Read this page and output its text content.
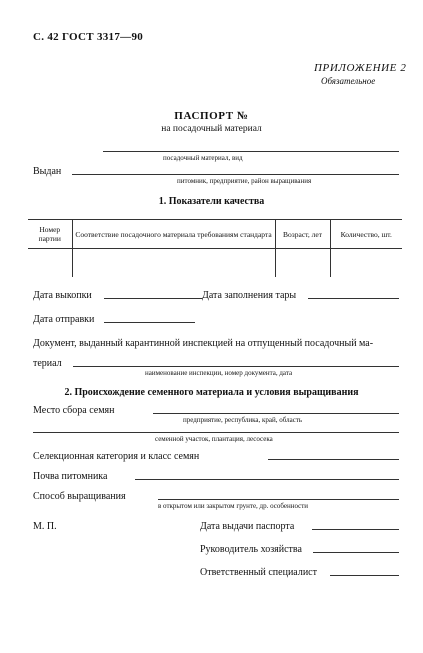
С. 42 ГОСТ 3317—90
ПРИЛОЖЕНИЕ 2
Обязательное
ПАСПОРТ №
на посадочный материал
посадочный материал, вид
Выдан
питомник, предприятие, район выращивания
1. Показатели качества
Номер партии	Соответствие посадочного материала требованиям стандарта	Возраст, лет	Количество, шт.

Дата выкопки	Дата заполнения тары
Дата отправки
Документ, выданный карантинной инспекцией на отпущенный посадочный ма-
териал
наименование инспекции, номер документа, дата
2. Происхождение семенного материала и условия выращивания
Место сбора семян
предприятие, республика, край, область
семенной участок, плантация, лесосека
Селекционная категория и класс семян
Почва питомника
Способ выращивания
в открытом или закрытом грунте, др. особенности
М. П.	Дата выдачи паспорта
Руководитель хозяйства
Ответственный специалист
